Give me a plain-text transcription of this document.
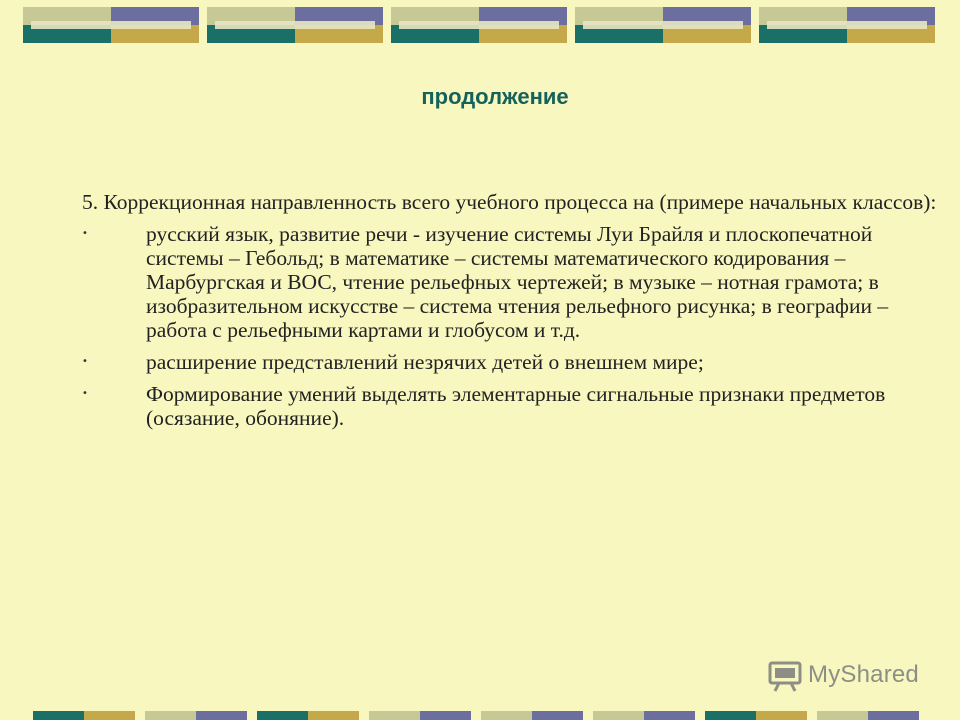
продолжение

5. Коррекционная направленность всего учебного процесса на (примере начальных классов):

•	русский язык, развитие речи - изучение системы Луи Брайля и плоскопечатной системы – Гебольд; в математике – системы математического кодирования – Марбургская и ВОС, чтение рельефных чертежей; в музыке – нотная грамота; в изобразительном искусстве – система чтения рельефного рисунка; в географии – работа с рельефными картами и глобусом и т.д.
•	расширение представлений незрячих детей о внешнем мире;
•	Формирование умений выделять элементарные сигнальные признаки предметов (осязание, обоняние).
MyShared
